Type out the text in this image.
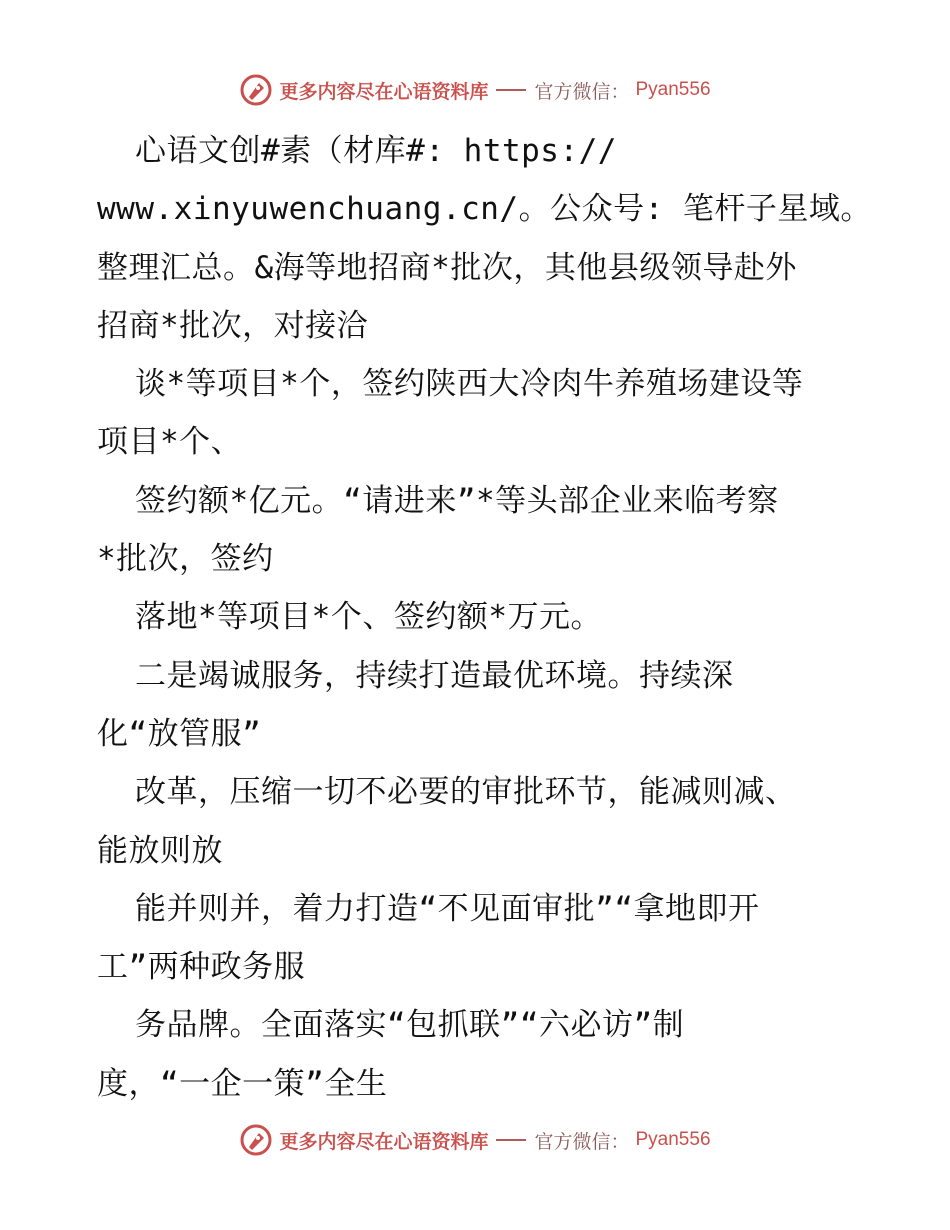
更多内容尽在心语资料库 官方微信： Pyan556
心语文创#素（材库#: https://
www.xinyuwenchuang.cn/。公众号: 笔杆子星域。
整理汇总。&海等地招商*批次，其他县级领导赴外
招商*批次，对接洽
谈*等项目*个，签约陕西大冷肉牛养殖场建设等
项目*个、
签约额*亿元。“请进来”*等头部企业来临考察
*批次，签约
落地*等项目*个、签约额*万元。
二是竭诚服务，持续打造最优环境。持续深
化“放管服”
改革，压缩一切不必要的审批环节，能减则减、
能放则放
能并则并，着力打造“不见面审批”“拿地即开
工”两种政务服
务品牌。全面落实“包抓联”“六必访”制
度，“一企一策”全生
更多内容尽在心语资料库 官方微信： Pyan556
